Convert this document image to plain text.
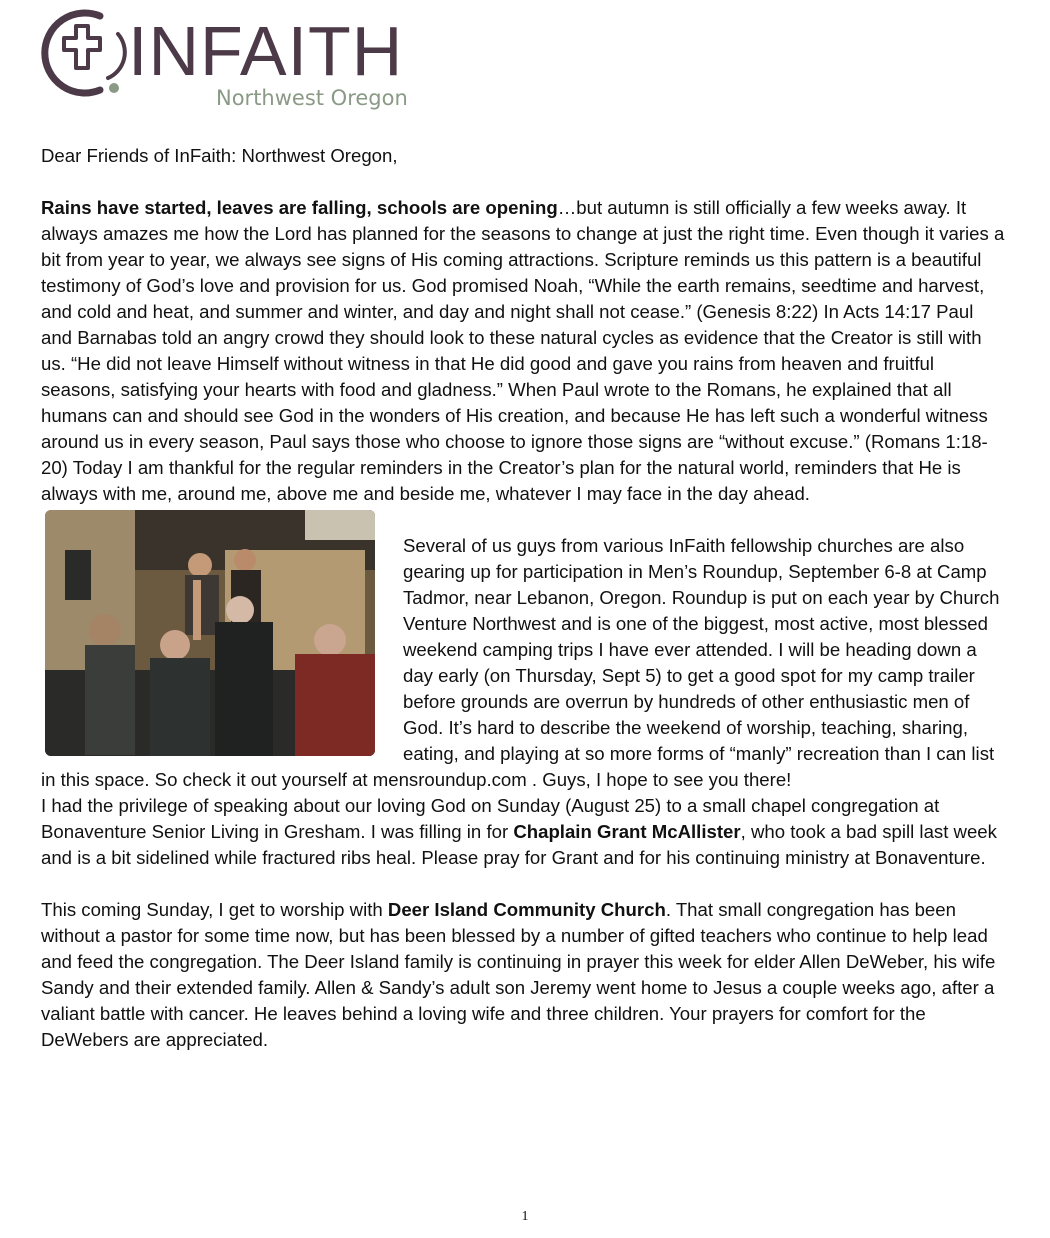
INFAITH
Northwest Oregon

Dear Friends of InFaith: Northwest Oregon,

Rains have started, leaves are falling, schools are opening…but autumn is still officially a few weeks away. It always amazes me how the Lord has planned for the seasons to change at just the right time. Even though it varies a bit from year to year, we always see signs of His coming attractions. Scripture reminds us this pattern is a beautiful testimony of God’s love and provision for us. God promised Noah, “While the earth remains, seedtime and harvest, and cold and heat, and summer and winter, and day and night shall not cease.” (Genesis 8:22) In Acts 14:17 Paul and Barnabas told an angry crowd they should look to these natural cycles as evidence that the Creator is still with us. “He did not leave Himself without witness in that He did good and gave you rains from heaven and fruitful seasons, satisfying your hearts with food and gladness.” When Paul wrote to the Romans, he explained that all humans can and should see God in the wonders of His creation, and because He has left such a wonderful witness around us in every season, Paul says those who choose to ignore those signs are “without excuse.” (Romans 1:18-20) Today I am thankful for the regular reminders in the Creator’s plan for the natural world, reminders that He is always with me, around me, above me and beside me, whatever I may face in the day ahead.

Several of us guys from various InFaith fellowship churches are also gearing up for participation in Men’s Roundup, September 6-8 at Camp Tadmor, near Lebanon, Oregon. Roundup is put on each year by Church Venture Northwest and is one of the biggest, most active, most blessed weekend camping trips I have ever attended. I will be heading down a day early (on Thursday, Sept 5) to get a good spot for my camp trailer before grounds are overrun by hundreds of other enthusiastic men of God. It’s hard to describe the weekend of worship, teaching, sharing, eating, and playing at so more forms of “manly” recreation than I can list in this space. So check it out yourself at mensroundup.com . Guys, I hope to see you there!

I had the privilege of speaking about our loving God on Sunday (August 25) to a small chapel congregation at Bonaventure Senior Living in Gresham. I was filling in for Chaplain Grant McAllister, who took a bad spill last week and is a bit sidelined while fractured ribs heal. Please pray for Grant and for his continuing ministry at Bonaventure.

This coming Sunday, I get to worship with Deer Island Community Church. That small congregation has been without a pastor for some time now, but has been blessed by a number of gifted teachers who continue to help lead and feed the congregation. The Deer Island family is continuing in prayer this week for elder Allen DeWeber, his wife Sandy and their extended family. Allen & Sandy’s adult son Jeremy went home to Jesus a couple weeks ago, after a valiant battle with cancer. He leaves behind a loving wife and three children. Your prayers for comfort for the DeWebers are appreciated.

1
